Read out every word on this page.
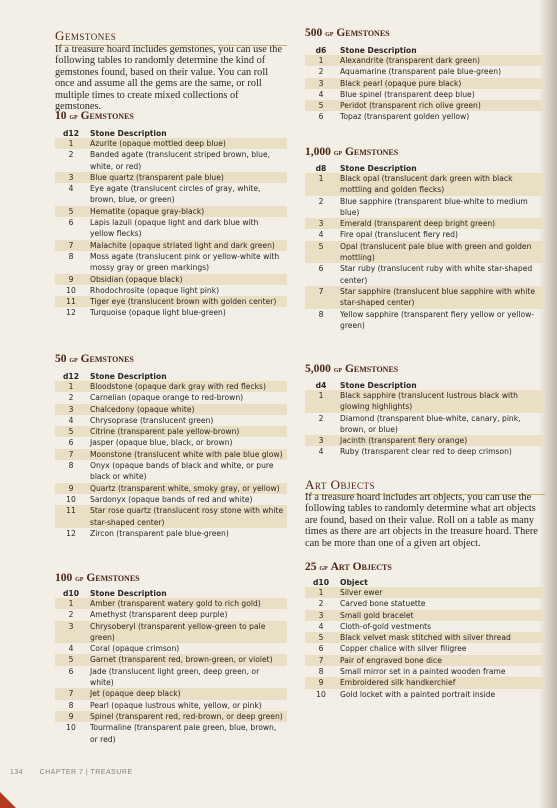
Gemstones

If a treasure hoard includes gemstones, you can use the following tables to randomly determine the kind of gemstones found, based on their value. You can roll once and assume all the gems are the same, or roll multiple times to create mixed collections of gemstones.

10 gp Gemstones
d12	Stone Description
1	Azurite (opaque mottled deep blue)
2	Banded agate (translucent striped brown, blue, white, or red)
3	Blue quartz (transparent pale blue)
4	Eye agate (translucent circles of gray, white, brown, blue, or green)
5	Hematite (opaque gray-black)
6	Lapis lazuli (opaque light and dark blue with yellow flecks)
7	Malachite (opaque striated light and dark green)
8	Moss agate (translucent pink or yellow-white with mossy gray or green markings)
9	Obsidian (opaque black)
10	Rhodochrosite (opaque light pink)
11	Tiger eye (translucent brown with golden center)
12	Turquoise (opaque light blue-green)
50 gp Gemstones
d12	Stone Description
1	Bloodstone (opaque dark gray with red flecks)
2	Carnelian (opaque orange to red-brown)
3	Chalcedony (opaque white)
4	Chrysoprase (translucent green)
5	Citrine (transparent pale yellow-brown)
6	Jasper (opaque blue, black, or brown)
7	Moonstone (translucent white with pale blue glow)
8	Onyx (opaque bands of black and white, or pure black or white)
9	Quartz (transparent white, smoky gray, or yellow)
10	Sardonyx (opaque bands of red and white)
11	Star rose quartz (translucent rosy stone with white star-shaped center)
12	Zircon (transparent pale blue-green)
100 gp Gemstones
d10	Stone Description
1	Amber (transparent watery gold to rich gold)
2	Amethyst (transparent deep purple)
3	Chrysoberyl (transparent yellow-green to pale green)
4	Coral (opaque crimson)
5	Garnet (transparent red, brown-green, or violet)
6	Jade (translucent light green, deep green, or white)
7	Jet (opaque deep black)
8	Pearl (opaque lustrous white, yellow, or pink)
9	Spinel (transparent red, red-brown, or deep green)
10	Tourmaline (transparent pale green, blue, brown, or red)
500 gp Gemstones
d6	Stone Description
1	Alexandrite (transparent dark green)
2	Aquamarine (transparent pale blue-green)
3	Black pearl (opaque pure black)
4	Blue spinel (transparent deep blue)
5	Peridot (transparent rich olive green)
6	Topaz (transparent golden yellow)
1,000 gp Gemstones
d8	Stone Description
1	Black opal (translucent dark green with black mottling and golden flecks)
2	Blue sapphire (transparent blue-white to medium blue)
3	Emerald (transparent deep bright green)
4	Fire opal (translucent fiery red)
5	Opal (translucent pale blue with green and golden mottling)
6	Star ruby (translucent ruby with white star-shaped center)
7	Star sapphire (translucent blue sapphire with white star-shaped center)
8	Yellow sapphire (transparent fiery yellow or yellow-green)
5,000 gp Gemstones
d4	Stone Description
1	Black sapphire (translucent lustrous black with glowing highlights)
2	Diamond (transparent blue-white, canary, pink, brown, or blue)
3	Jacinth (transparent fiery orange)
4	Ruby (transparent clear red to deep crimson)
Art Objects

If a treasure hoard includes art objects, you can use the following tables to randomly determine what art objects are found, based on their value. Roll on a table as many times as there are art objects in the treasure hoard. There can be more than one of a given art object.

25 gp Art Objects
d10	Object
1	Silver ewer
2	Carved bone statuette
3	Small gold bracelet
4	Cloth-of-gold vestments
5	Black velvet mask stitched with silver thread
6	Copper chalice with silver filigree
7	Pair of engraved bone dice
8	Small mirror set in a painted wooden frame
9	Embroidered silk handkerchief
10	Gold locket with a painted portrait inside
134 CHAPTER 7 | TREASURE
